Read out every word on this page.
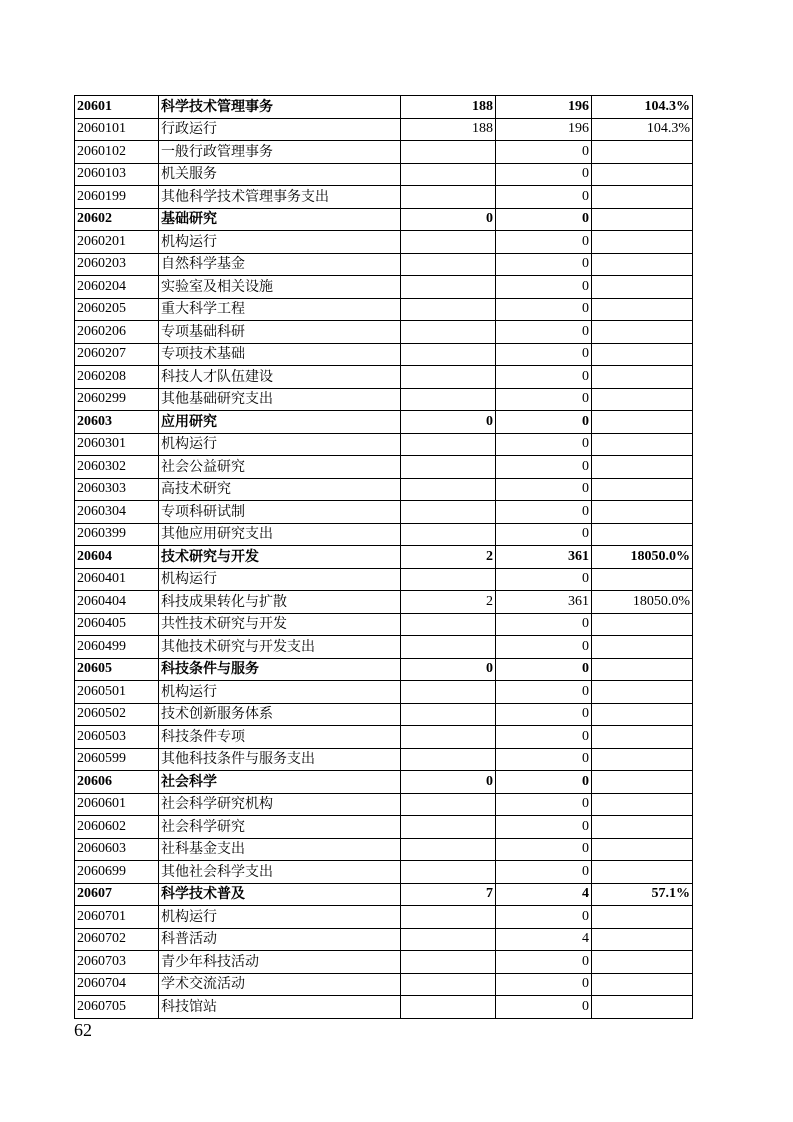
20601	科学技术管理事务	188	196	104.3%
2060101	行政运行	188	196	104.3%
2060102	一般行政管理事务		0	
2060103	机关服务		0	
2060199	其他科学技术管理事务支出		0	
20602	基础研究	0	0	
2060201	机构运行		0	
2060203	自然科学基金		0	
2060204	实验室及相关设施		0	
2060205	重大科学工程		0	
2060206	专项基础科研		0	
2060207	专项技术基础		0	
2060208	科技人才队伍建设		0	
2060299	其他基础研究支出		0	
20603	应用研究	0	0	
2060301	机构运行		0	
2060302	社会公益研究		0	
2060303	高技术研究		0	
2060304	专项科研试制		0	
2060399	其他应用研究支出		0	
20604	技术研究与开发	2	361	18050.0%
2060401	机构运行		0	
2060404	科技成果转化与扩散	2	361	18050.0%
2060405	共性技术研究与开发		0	
2060499	其他技术研究与开发支出		0	
20605	科技条件与服务	0	0	
2060501	机构运行		0	
2060502	技术创新服务体系		0	
2060503	科技条件专项		0	
2060599	其他科技条件与服务支出		0	
20606	社会科学	0	0	
2060601	社会科学研究机构		0	
2060602	社会科学研究		0	
2060603	社科基金支出		0	
2060699	其他社会科学支出		0	
20607	科学技术普及	7	4	57.1%
2060701	机构运行		0	
2060702	科普活动		4	
2060703	青少年科技活动		0	
2060704	学术交流活动		0	
2060705	科技馆站		0	
62
